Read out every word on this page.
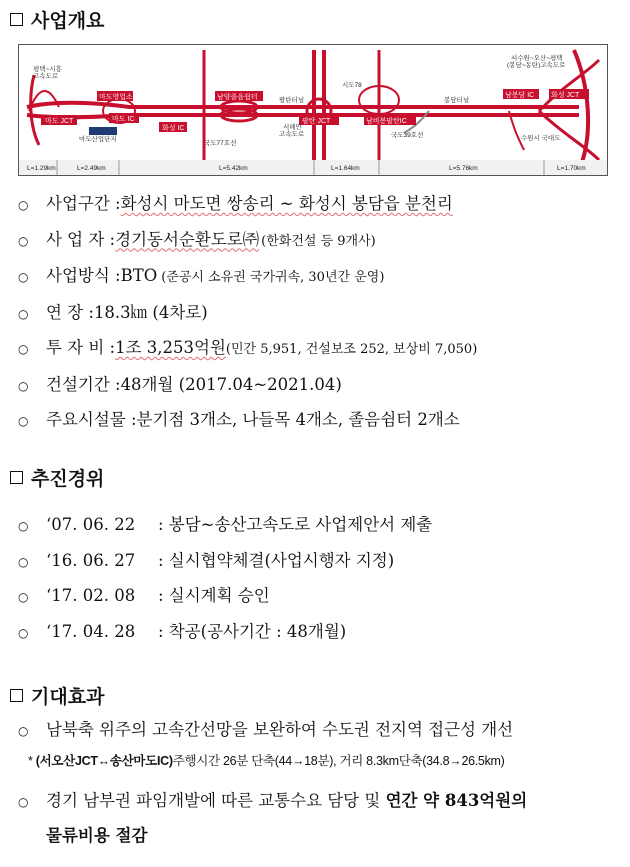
사업개요
마도 JCT
마도영업소
마도 IC
화성 IC
남양졸음쉼터
팔탄 JCT	남비봉팔탄IC
남봉담 IC 화성 JCT
평택~시흥
고속도로
마도산업단지
국도77호선
팔탄터널
서해안
고속도로
시도78
국도39호선
봉담터널
서수원~오산~평택
(봉담~동탄)고속도로
수원시 국대도
L=1.29km	L=2.49km	L=5.42km	L=1.64km	L=5.76km	L=1.70km
○	사업구간 : 화성시 마도면 쌍송리 ~ 화성시 봉담읍 분천리
○	사 업 자 : 경기동서순환도로㈜ (한화건설 등 9개사)
○	사업방식 : BTO (준공시 소유권 국가귀속, 30년간 운영)
○	연 장 : 18.3㎞ (4차로)
○	투 자 비 : 1조 3,253억원 (민간 5,951, 건설보조 252, 보상비 7,050)
○	건설기간 : 48개월 (2017.04~2021.04)
○	주요시설물 : 분기점 3개소, 나들목 4개소, 졸음쉼터 2개소
추진경위
○	‘07. 06. 22	: 봉담~송산고속도로 사업제안서 제출
○	‘16. 06. 27	: 실시협약체결(사업시행자 지정)
○	‘17. 02. 08	: 실시계획 승인
○	‘17. 04. 28	: 착공(공사기간 : 48개월)
기대효과
○ 남북축 위주의 고속간선망을 보완하여 수도권 전지역 접근성 개선
* (서오산JCT↔송산마도IC)주행시간 26분 단축(44→18분), 거리 8.3km단축(34.8→26.5km)
○ 경기 남부권 파임개발에 따른 교통수요 담당 및 연간 약 843억원의
물류비용 절감
